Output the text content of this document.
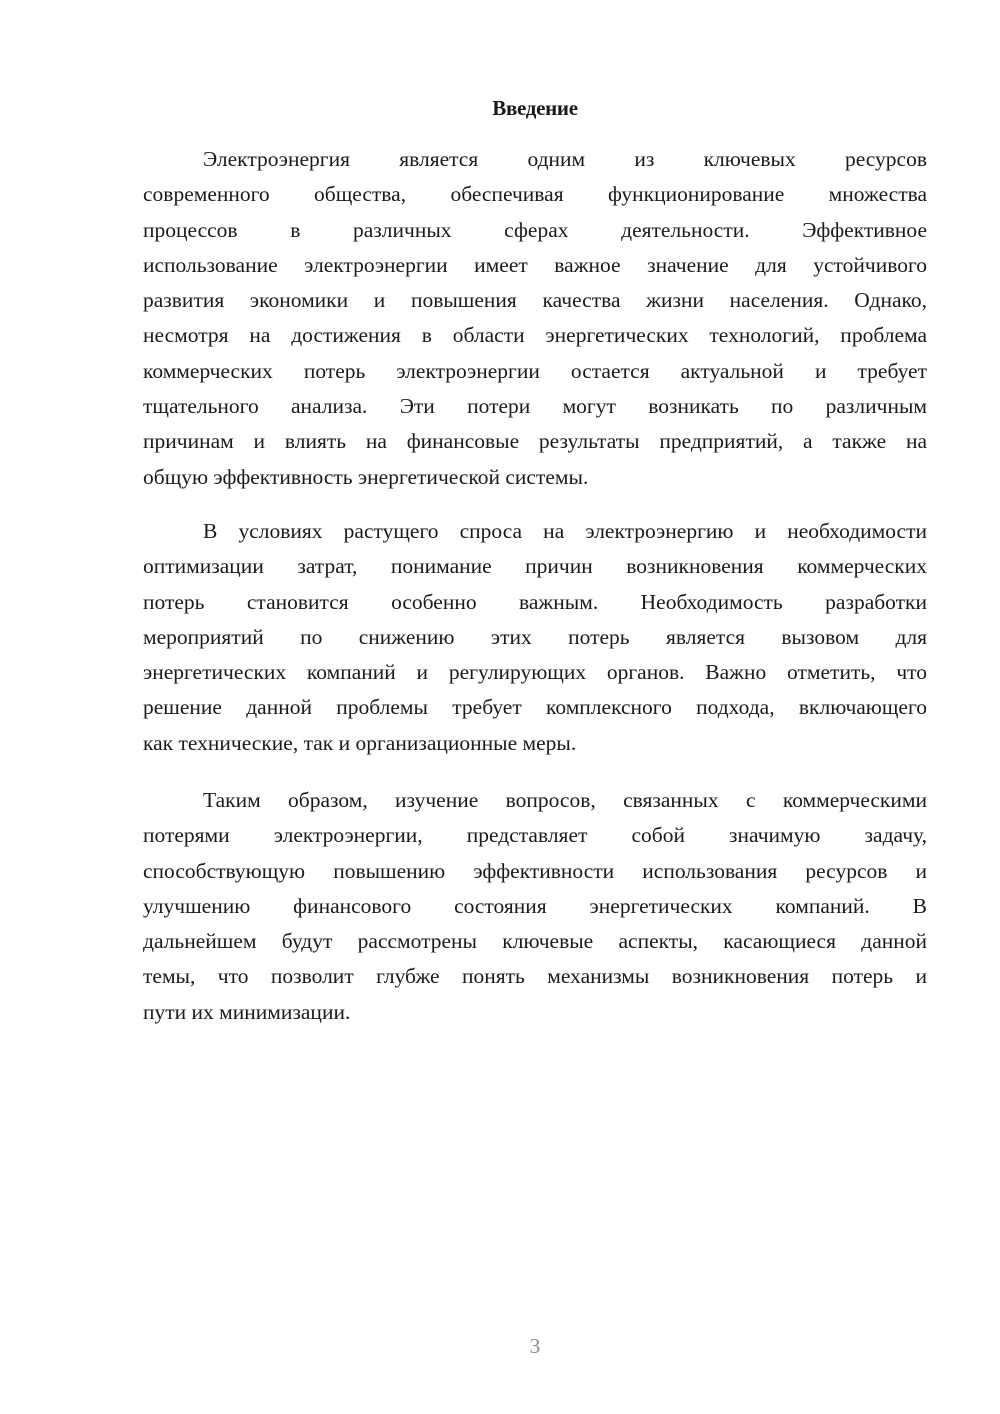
Введение
Электроэнергия является одним из ключевых ресурсов
современного общества, обеспечивая функционирование множества
процессов в различных сферах деятельности. Эффективное
использование электроэнергии имеет важное значение для устойчивого
развития экономики и повышения качества жизни населения. Однако,
несмотря на достижения в области энергетических технологий, проблема
коммерческих потерь электроэнергии остается актуальной и требует
тщательного анализа. Эти потери могут возникать по различным
причинам и влиять на финансовые результаты предприятий, а также на
общую эффективность энергетической системы.
В условиях растущего спроса на электроэнергию и необходимости
оптимизации затрат, понимание причин возникновения коммерческих
потерь становится особенно важным. Необходимость разработки
мероприятий по снижению этих потерь является вызовом для
энергетических компаний и регулирующих органов. Важно отметить, что
решение данной проблемы требует комплексного подхода, включающего
как технические, так и организационные меры.
Таким образом, изучение вопросов, связанных с коммерческими
потерями электроэнергии, представляет собой значимую задачу,
способствующую повышению эффективности использования ресурсов и
улучшению финансового состояния энергетических компаний. В
дальнейшем будут рассмотрены ключевые аспекты, касающиеся данной
темы, что позволит глубже понять механизмы возникновения потерь и
пути их минимизации.
3
